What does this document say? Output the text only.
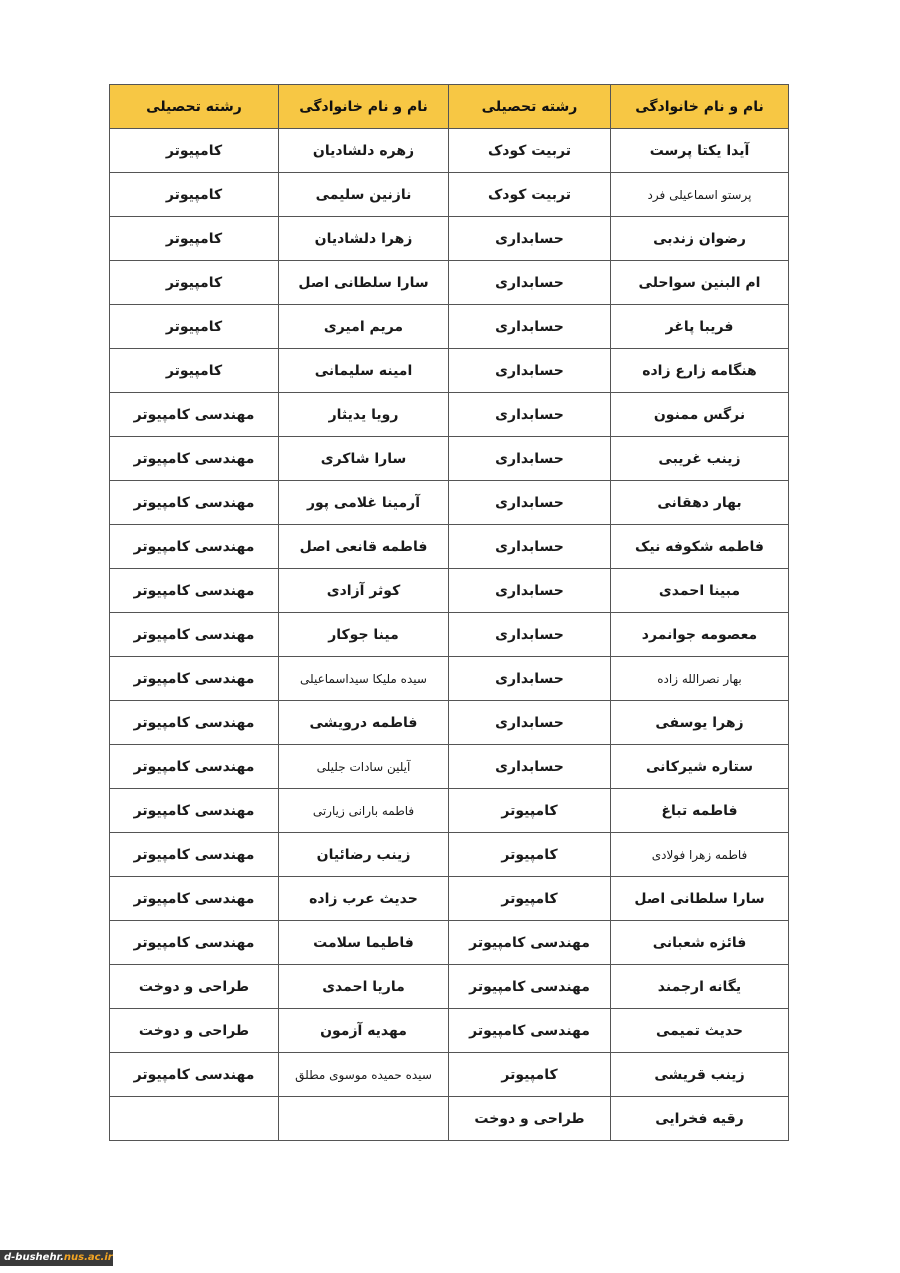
نام و نام خانوادگی	رشته تحصیلی	نام و نام خانوادگی	رشته تحصیلی
آیدا یکتا پرست	تربیت کودک	زهره دلشادیان	کامپیوتر
پرستو اسماعیلی فرد	تربیت کودک	نازنین سلیمی	کامپیوتر
رضوان زندبی	حسابداری	زهرا دلشادیان	کامپیوتر
ام البنین سواحلی	حسابداری	سارا سلطانی اصل	کامپیوتر
فریبا پاغر	حسابداری	مریم امیری	کامپیوتر
هنگامه زارع زاده	حسابداری	امینه سلیمانی	کامپیوتر
نرگس ممنون	حسابداری	رویا یدیثار	مهندسی کامپیوتر
زینب غریبی	حسابداری	سارا شاکری	مهندسی کامپیوتر
بهار دهقانی	حسابداری	آرمینا غلامی پور	مهندسی کامپیوتر
فاطمه شکوفه نیک	حسابداری	فاطمه قانعی اصل	مهندسی کامپیوتر
مبینا احمدی	حسابداری	کوثر آزادی	مهندسی کامپیوتر
معصومه جوانمرد	حسابداری	مینا جوکار	مهندسی کامپیوتر
بهار نصرالله زاده	حسابداری	سیده ملیکا سیداسماعیلی	مهندسی کامپیوتر
زهرا یوسفی	حسابداری	فاطمه درویشی	مهندسی کامپیوتر
ستاره شیرکانی	حسابداری	آیلین سادات جلیلی	مهندسی کامپیوتر
فاطمه تباغ	کامپیوتر	فاطمه بارانی زیارتی	مهندسی کامپیوتر
فاطمه زهرا فولادی	کامپیوتر	زینب رضائیان	مهندسی کامپیوتر
سارا سلطانی اصل	کامپیوتر	حدیث عرب زاده	مهندسی کامپیوتر
فائزه شعبانی	مهندسی کامپیوتر	فاطیما سلامت	مهندسی کامپیوتر
یگانه ارجمند	مهندسی کامپیوتر	ماریا احمدی	طراحی و دوخت
حدیث تمیمی	مهندسی کامپیوتر	مهدیه آزمون	طراحی و دوخت
زینب قریشی	کامپیوتر	سیده حمیده موسوی مطلق	مهندسی کامپیوتر
رقیه فخرایی	طراحی و دوخت		
d-bushehr.nus.ac.ir
